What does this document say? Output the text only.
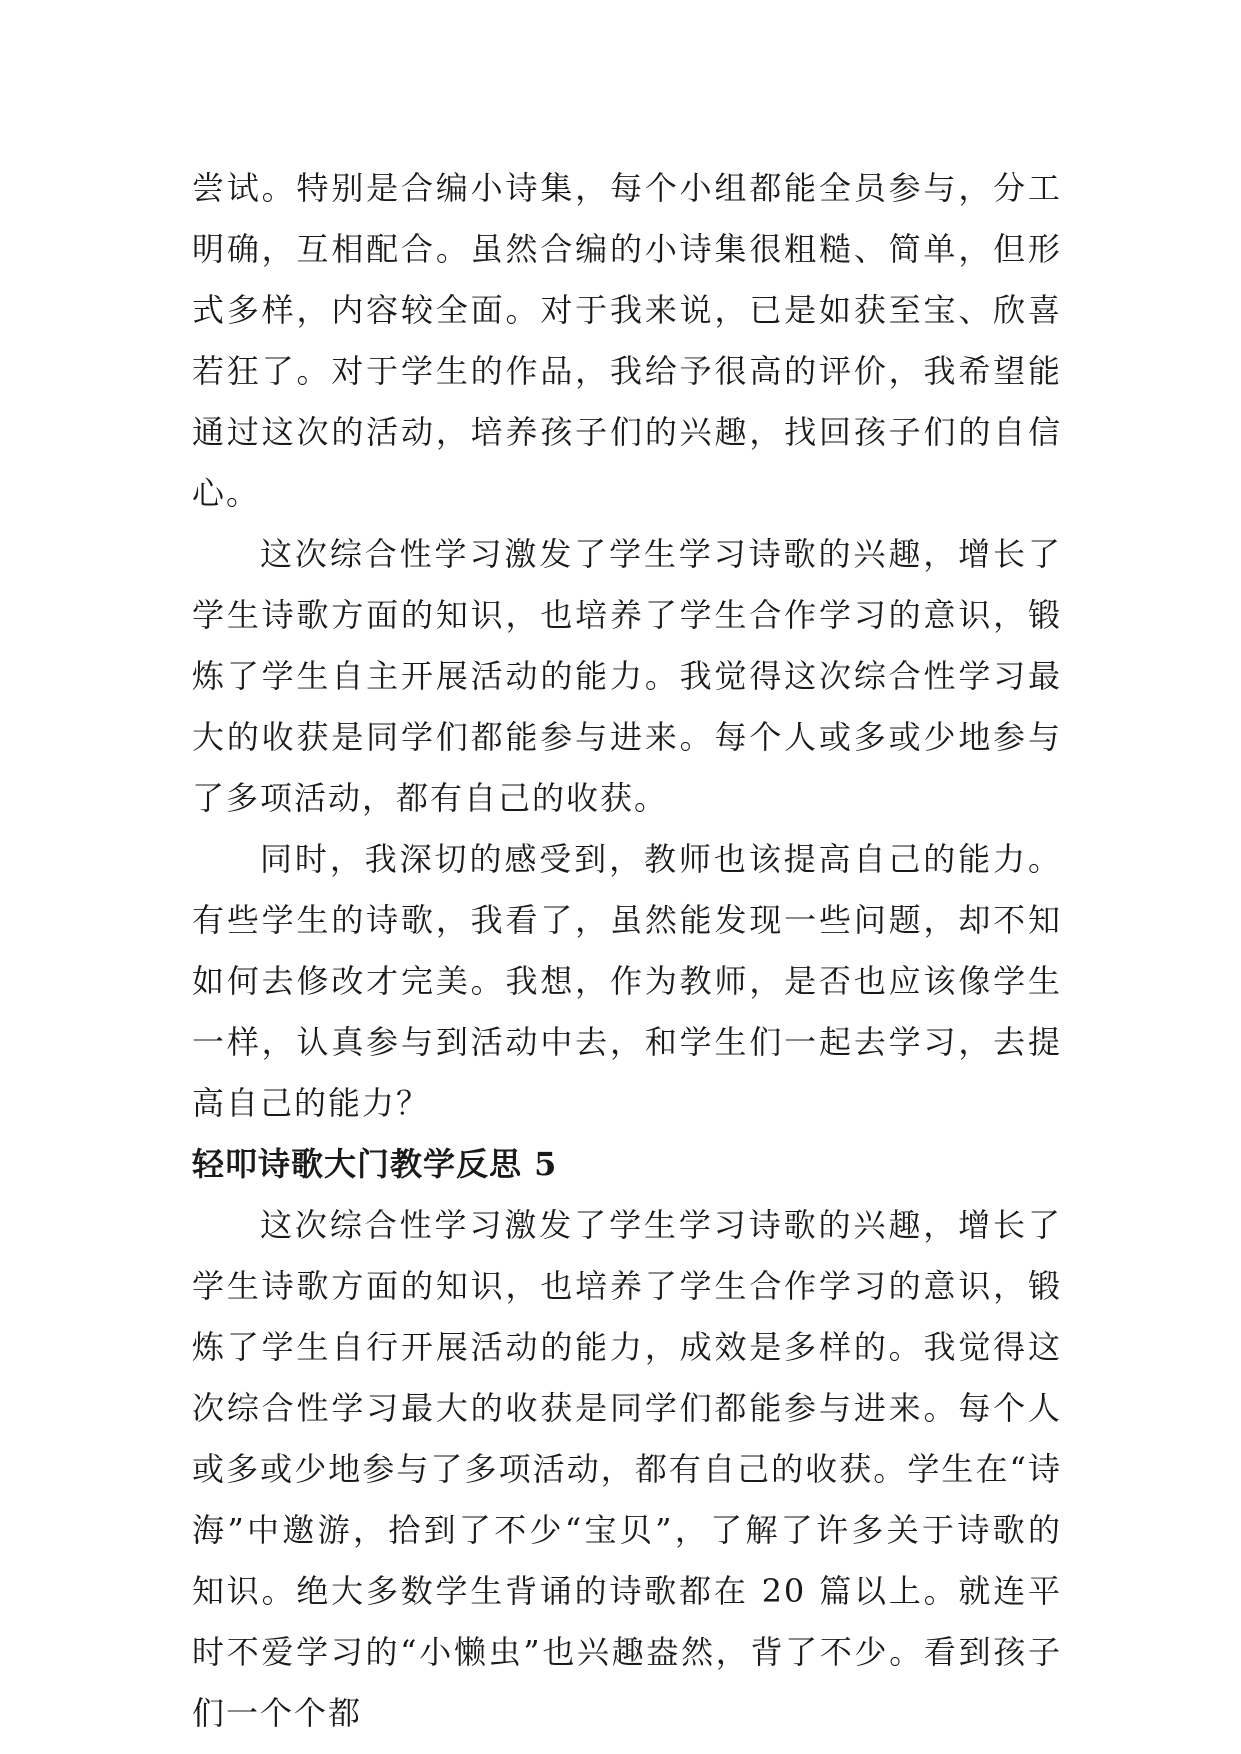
尝试。特别是合编小诗集，每个小组都能全员参与，分工明确，互相配合。虽然合编的小诗集很粗糙、简单，但形式多样，内容较全面。对于我来说，已是如获至宝、欣喜若狂了。对于学生的作品，我给予很高的评价，我希望能通过这次的活动，培养孩子们的兴趣，找回孩子们的自信心。

这次综合性学习激发了学生学习诗歌的兴趣，增长了学生诗歌方面的知识，也培养了学生合作学习的意识，锻炼了学生自主开展活动的能力。我觉得这次综合性学习最大的收获是同学们都能参与进来。每个人或多或少地参与了多项活动，都有自己的收获。

同时，我深切的感受到，教师也该提高自己的能力。有些学生的诗歌，我看了，虽然能发现一些问题，却不知如何去修改才完美。我想，作为教师，是否也应该像学生一样，认真参与到活动中去，和学生们一起去学习，去提高自己的能力？

轻叩诗歌大门教学反思 5

这次综合性学习激发了学生学习诗歌的兴趣，增长了学生诗歌方面的知识，也培养了学生合作学习的意识，锻炼了学生自行开展活动的能力，成效是多样的。我觉得这次综合性学习最大的收获是同学们都能参与进来。每个人或多或少地参与了多项活动，都有自己的收获。学生在“诗海”中邀游，拾到了不少“宝贝”，了解了许多关于诗歌的知识。绝大多数学生背诵的诗歌都在 20 篇以上。就连平时不爱学习的“小懒虫”也兴趣盎然，背了不少。看到孩子们一个个都
